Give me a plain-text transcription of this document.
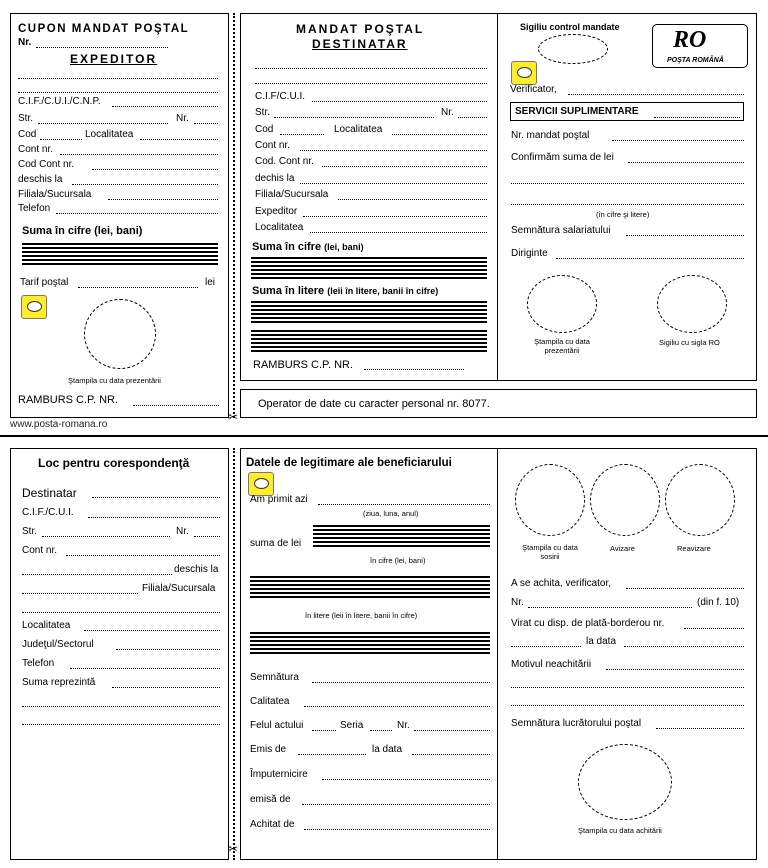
✂
CUPON MANDAT POŞTAL
Nr.
EXPEDITOR
C.I.F./C.U.I./C.N.P.
Str.	Nr.
Cod	Localitatea
Cont nr.
Cod Cont nr.
deschis la
Filiala/Sucursala
Telefon
Suma în cifre (lei, bani)
Tarif poştal	lei
Ştampila cu data prezentării
RAMBURS C.P. NR.
MANDAT POŞTAL
DESTINATAR
C.I.F/C.U.I.
Str.	Nr.
Cod	Localitatea
Cont nr.
Cod. Cont nr.
dechis la
Filiala/Sucursala
Expeditor
Localitatea
Suma în cifre (lei, bani)
Suma în litere (leii în litere, banii în cifre)
RAMBURS C.P. NR.
Sigiliu control mandate RO
POŞTA ROMÂNĂ
Verificator,
SERVICII SUPLIMENTARE
Nr. mandat poştal
Confirmăm suma de lei
(în cifre şi litere)
Semnătura salariatului
Diriginte
Ştampila cu data prezentării
Sigiliu cu sigla RO
Operator de date cu caracter personal nr. 8077.
www.posta-romana.ro
✂
Loc pentru corespondenţă
Destinatar
C.I.F./C.U.I.
Str.	Nr.
Cont nr.
deschis la
Filiala/Sucursala
Localitatea
Judeţul/Sectorul
Telefon
Suma reprezintă
Datele de legitimare ale beneficiarului
Am primit azi
(ziua, luna, anul)
suma de lei
în cifre (lei, bani)
în litere (leii în litere, banii în cifre)
Semnătura
Calitatea
Felul actului	Seria	Nr.
Emis de	la data
Împuternicire
emisă de
Achitat de
Ştampila cu data sosirii
Avizare	Reavizare
A se achita, verificator,
Nr.	(din f. 10)
Virat cu disp. de plată-borderou nr.
la data
Motivul neachitării
Semnătura lucrătorului poştal
Ştampila cu data achitării
